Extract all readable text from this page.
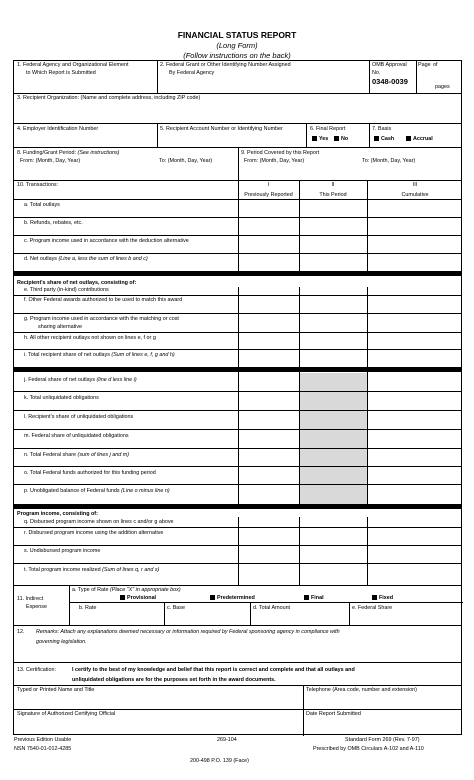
FINANCIAL STATUS REPORT
(Long Form)
(Follow instructions on the back)
1. Federal Agency and Organizational Element
to Which Report is Submitted
2. Federal Grant or Other Identifying Number Assigned
By Federal Agency
OMB Approval
No.
0348-0039
Page of
pages
3. Recipient Organization: (Name and complete address, including ZIP code)
4. Employer Identification Number	5. Recipient Account Number or Identifying Number	6. Final Report
Yes	No
7. Basis
Cash	Accrual
8. Funding/Grant Period: (See instructions)
From: (Month, Day, Year)	To: (Month, Day, Year)
9. Period Covered by this Report
From: (Month, Day, Year)	To: (Month, Day, Year)
10. Transactions:	I
Previously Reported
II
This Period
III
Cumulative
a. Total outlays
b. Refunds, rebates, etc.
c. Program income used in accordance with the deduction alternative
d. Net outlays (Line a, less the sum of lines b and c)
Recipient's share of net outlays, consisting of:
e. Third party (in-kind) contributions
f. Other Federal awards authorized to be used to match this award
g. Program income used in accordance with the matching or cost
sharing alternative
h. All other recipient outlays not shown on lines e, f or g
i. Total recipient share of net outlays (Sum of lines e, f, g and h)
j. Federal share of net outlays (line d less line i)
k. Total unliquidated obligations
l. Recipient's share of unliquidated obligations
m. Federal share of unliquidated obligations
n. Total Federal share (sum of lines j and m)
o. Total Federal funds authorized for this funding period
p. Unobligated balance of Federal funds (Line o minus line n)
Program income, consisting of:
q. Disbursed program income shown on lines c and/or g above
r. Disbursed program income using the addition alternative
s. Undisbursed program income
t. Total program income realized (Sum of lines q, r and s)
11. Indirect
Expense
a. Type of Rate (Place "X" in appropriate box)
Provisional	Predetermined	Final	Fixed
b. Rate	c. Base	d. Total Amount	e. Federal Share
12. Remarks: Attach any explanations deemed necessary or information required by Federal sponsoring agency in compliance with
governing legislation.
13. Certification:	I certify to the best of my knowledge and belief that this report is correct and complete and that all outlays and
unliquidated obligations are for the purposes set forth in the award documents.
Typed or Printed Name and Title	Telephone (Area code, number and extension)
Signature of Authorized Certifying Official	Date Report Submitted
Previous Edition Usable
NSN 7540-01-012-4285
269-104	Standard Form 269 (Rev. 7-97)
Prescribed by OMB Circulars A-102 and A-110
200-498 P.O. 139 (Face)
